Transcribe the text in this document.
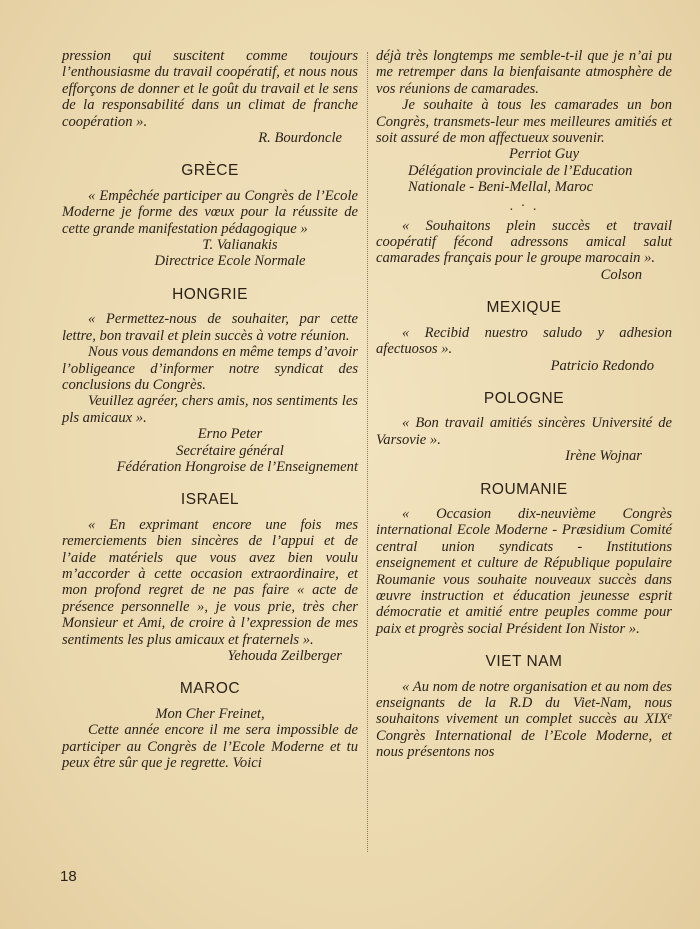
pression qui suscitent comme toujours l’enthousiasme du travail coopératif, et nous nous efforçons de donner et le goût du travail et le sens de la responsabilité dans un climat de franche coopération ».

R. Bourdoncle

GRÈCE

« Empêchée participer au Congrès de l’Ecole Moderne je forme des vœux pour la réussite de cette grande manifestation pédagogique »

T. Valianakis

Directrice Ecole Normale

HONGRIE

« Permettez-nous de souhaiter, par cette lettre, bon travail et plein succès à votre réunion.

Nous vous demandons en même temps d’avoir l’obligeance d’informer notre syndicat des conclusions du Congrès.

Veuillez agréer, chers amis, nos sentiments les pls amicaux ».

Erno Peter

Secrétaire général

Fédération Hongroise de l’Enseignement

ISRAEL

« En exprimant encore une fois mes remerciements bien sincères de l’appui et de l’aide matériels que vous avez bien voulu m’accorder à cette occasion extraordinaire, et mon profond regret de ne pas faire « acte de présence personnelle », je vous prie, très cher Monsieur et Ami, de croire à l’expression de mes sentiments les plus amicaux et fraternels ».

Yehouda Zeilberger

MAROC

Mon Cher Freinet,

Cette année encore il me sera impossible de participer au Congrès de l’Ecole Moderne et tu peux être sûr que je regrette. Voici

déjà très longtemps me semble-t-il que je n’ai pu me retremper dans la bienfaisante atmosphère de vos réunions de camarades.

Je souhaite à tous les camarades un bon Congrès, transmets-leur mes meilleures amitiés et soit assuré de mon affectueux souvenir.

Perriot Guy

Délégation provinciale de l’Education

Nationale - Beni-Mellal, Maroc

. · .

« Souhaitons plein succès et travail coopératif fécond adressons amical salut camarades français pour le groupe marocain ».

Colson

MEXIQUE

« Recibid nuestro saludo y adhesion afectuosos ».

Patricio Redondo

POLOGNE

« Bon travail amitiés sincères Université de Varsovie ».

Irène Wojnar

ROUMANIE

« Occasion dix-neuvième Congrès international Ecole Moderne - Præsidium Comité central union syndicats - Institutions enseignement et culture de République populaire Roumanie vous souhaite nouveaux succès dans œuvre instruction et éducation jeunesse esprit démocratie et amitié entre peuples comme pour paix et progrès social Président Ion Nistor ».

VIET NAM

« Au nom de notre organisation et au nom des enseignants de la R.D du Viet-Nam, nous souhaitons vivement un complet succès au XIXe Congrès International de l’Ecole Moderne, et nous présentons nos

18
